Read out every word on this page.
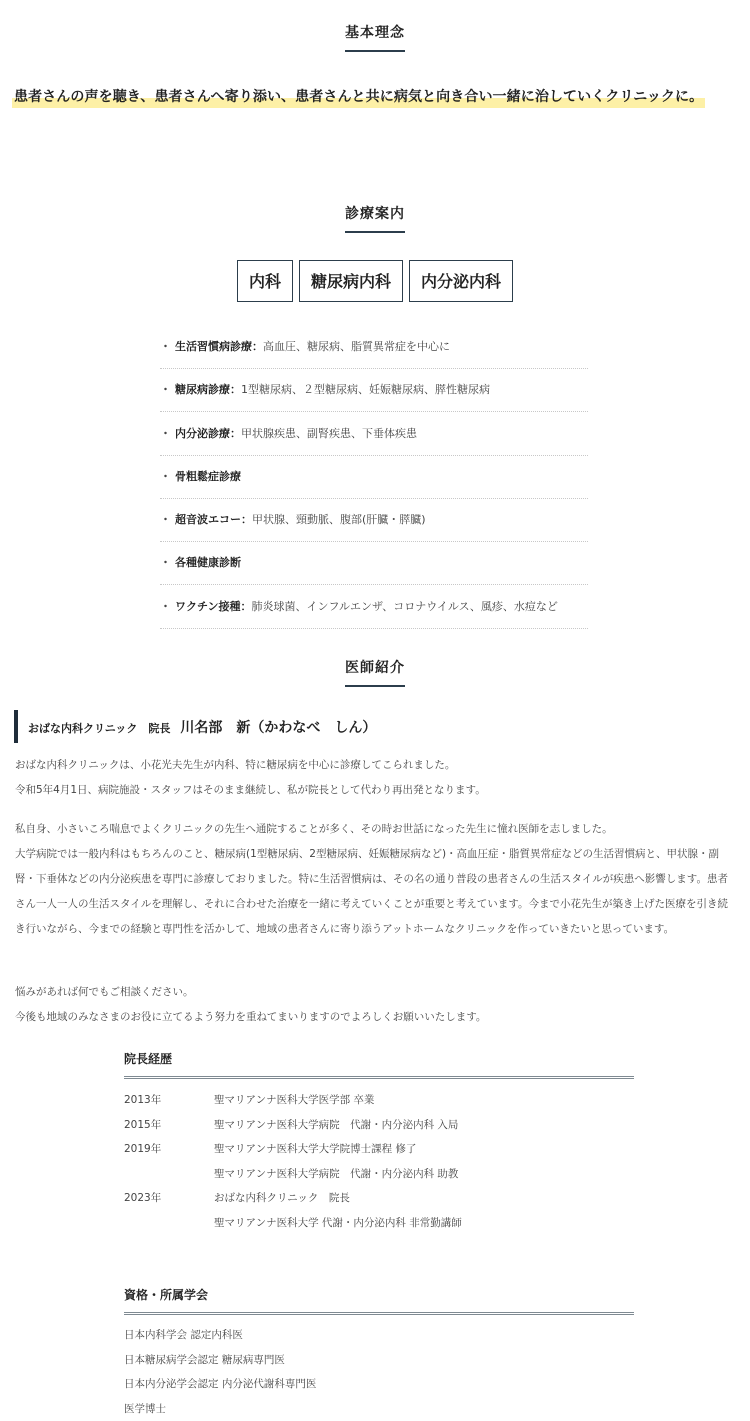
基本理念
患者さんの声を聴き、患者さんへ寄り添い、患者さんと共に病気と向き合い一緒に治していくクリニックに。
診療案内
内科	糖尿病内科	内分泌内科
・ 生活習慣病診療：高血圧、糖尿病、脂質異常症を中心に
・ 糖尿病診療：1型糖尿病、２型糖尿病、妊娠糖尿病、膵性糖尿病
・ 内分泌診療：甲状腺疾患、副腎疾患、下垂体疾患
・ 骨粗鬆症診療
・ 超音波エコー：甲状腺、頸動脈、腹部(肝臓・膵臓)
・ 各種健康診断
・ ワクチン接種：肺炎球菌、インフルエンザ、コロナウイルス、風疹、水痘など
医師紹介
おばな内科クリニック　院長 川名部　新（かわなべ　しん）
おばな内科クリニックは、小花光夫先生が内科、特に糖尿病を中心に診療してこられました。
令和5年4月1日、病院施設・スタッフはそのまま継続し、私が院長として代わり再出発となります。
私自身、小さいころ喘息でよくクリニックの先生へ通院することが多く、その時お世話になった先生に憧れ医師を志しました。
大学病院では一般内科はもちろんのこと、糖尿病(1型糖尿病、2型糖尿病、妊娠糖尿病など)・高血圧症・脂質異常症などの生活習慣病と、甲状腺・副腎・下垂体などの内分泌疾患を専門に診療しておりました。特に生活習慣病は、その名の通り普段の患者さんの生活スタイルが疾患へ影響します。患者さん一人一人の生活スタイルを理解し、それに合わせた治療を一緒に考えていくことが重要と考えています。今まで小花先生が築き上げた医療を引き続き行いながら、今までの経験と専門性を活かして、地域の患者さんに寄り添うアットホームなクリニックを作っていきたいと思っています。
悩みがあれば何でもご相談ください。
今後も地域のみなさまのお役に立てるよう努力を重ねてまいりますのでよろしくお願いいたします。
院長経歴
2013年	聖マリアンナ医科大学医学部 卒業
2015年	聖マリアンナ医科大学病院　代謝・内分泌内科 入局
2019年	聖マリアンナ医科大学大学院博士課程 修了
聖マリアンナ医科大学病院　代謝・内分泌内科 助教
2023年	おばな内科クリニック　院長
聖マリアンナ医科大学 代謝・内分泌内科 非常勤講師
資格・所属学会
日本内科学会 認定内科医
日本糖尿病学会認定 糖尿病専門医
日本内分泌学会認定 内分泌代謝科専門医
医学博士
